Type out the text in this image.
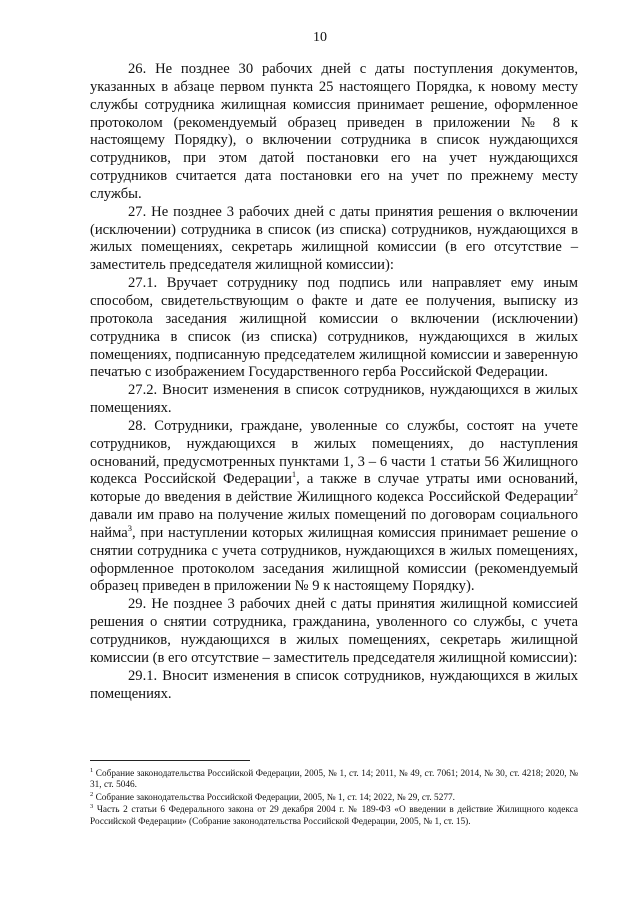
10

26. Не позднее 30 рабочих дней с даты поступления документов, указанных в абзаце первом пункта 25 настоящего Порядка, к новому месту службы сотрудника жилищная комиссия принимает решение, оформленное протоколом (рекомендуемый образец приведен в приложении № 8 к настоящему Порядку), о включении сотрудника в список нуждающихся сотрудников, при этом датой постановки его на учет нуждающихся сотрудников считается дата постановки его на учет по прежнему месту службы.

27. Не позднее 3 рабочих дней с даты принятия решения о включении (исключении) сотрудника в список (из списка) сотрудников, нуждающихся в жилых помещениях, секретарь жилищной комиссии (в его отсутствие – заместитель председателя жилищной комиссии):

27.1. Вручает сотруднику под подпись или направляет ему иным способом, свидетельствующим о факте и дате ее получения, выписку из протокола заседания жилищной комиссии о включении (исключении) сотрудника в список (из списка) сотрудников, нуждающихся в жилых помещениях, подписанную председателем жилищной комиссии и заверенную печатью с изображением Государственного герба Российской Федерации.

27.2. Вносит изменения в список сотрудников, нуждающихся в жилых помещениях.

28. Сотрудники, граждане, уволенные со службы, состоят на учете сотрудников, нуждающихся в жилых помещениях, до наступления оснований, предусмотренных пунктами 1, 3 – 6 части 1 статьи 56 Жилищного кодекса Российской Федерации$^1$, а также в случае утраты ими оснований, которые до введения в действие Жилищного кодекса Российской Федерации$^2$ давали им право на получение жилых помещений по договорам социального найма$^3$, при наступлении которых жилищная комиссия принимает решение о снятии сотрудника с учета сотрудников, нуждающихся в жилых помещениях, оформленное протоколом заседания жилищной комиссии (рекомендуемый образец приведен в приложении № 9 к настоящему Порядку).

29. Не позднее 3 рабочих дней с даты принятия жилищной комиссией решения о снятии сотрудника, гражданина, уволенного со службы, с учета сотрудников, нуждающихся в жилых помещениях, секретарь жилищной комиссии (в его отсутствие – заместитель председателя жилищной комиссии):

29.1. Вносит изменения в список сотрудников, нуждающихся в жилых помещениях.

$^1$ Собрание законодательства Российской Федерации, 2005, № 1, ст. 14; 2011, № 49, ст. 7061; 2014, № 30, ст. 4218; 2020, № 31, ст. 5046.

$^2$ Собрание законодательства Российской Федерации, 2005, № 1, ст. 14; 2022, № 29, ст. 5277.

$^3$ Часть 2 статьи 6 Федерального закона от 29 декабря 2004 г. № 189-ФЗ «О введении в действие Жилищного кодекса Российской Федерации» (Собрание законодательства Российской Федерации, 2005, № 1, ст. 15).
